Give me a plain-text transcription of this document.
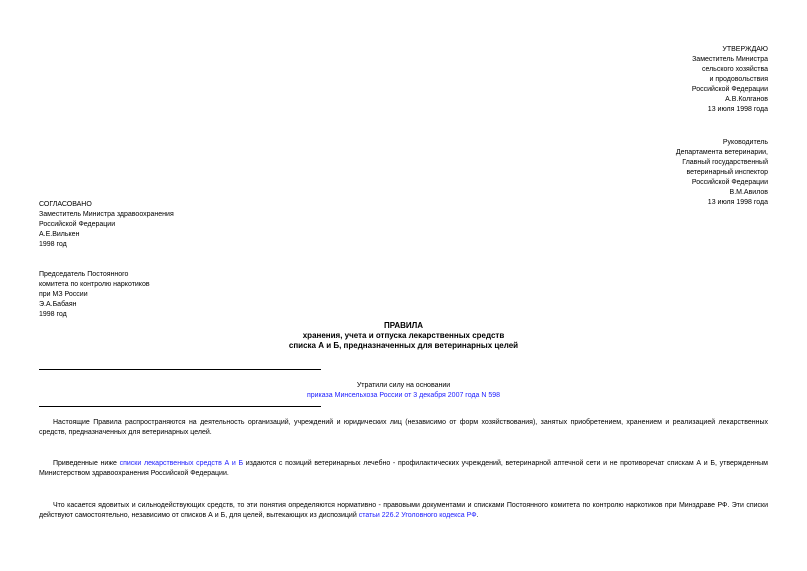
УТВЕРЖДАЮ
Заместитель Министра
сельского хозяйства
и продовольствия
Российской Федерации
А.В.Колганов
13 июля 1998 года
Руководитель
Департамента ветеринарии,
Главный государственный
ветеринарный инспектор
Российской Федерации
В.М.Авилов
13 июля 1998 года
СОГЛАСОВАНО
Заместитель Министра здравоохранения
Российской Федерации
А.Е.Вилькен
1998 год
Председатель Постоянного
комитета по контролю наркотиков
при МЗ России
Э.А.Бабаян
1998 год
ПРАВИЛА
хранения, учета и отпуска лекарственных средств
списка А и Б, предназначенных для ветеринарных целей
Утратили силу на основании
приказа Минсельхоза России от 3 декабря 2007 года N 598
Настоящие Правила распространяются на деятельность организаций, учреждений и юридических лиц (независимо от форм хозяйствования), занятых приобретением, хранением и реализацией лекарственных средств, предназначенных для ветеринарных целей.
Приведенные ниже списки лекарственных средств А и Б издаются с позиций ветеринарных лечебно - профилактических учреждений, ветеринарной аптечной сети и не противоречат спискам А и Б, утвержденным Министерством здравоохранения Российской Федерации.
Что касается ядовитых и сильнодействующих средств, то эти понятия определяются нормативно - правовыми документами и списками Постоянного комитета по контролю наркотиков при Минздраве РФ. Эти списки действуют самостоятельно, независимо от списков А и Б, для целей, вытекающих из диспозиций статьи 226.2 Уголовного кодекса РФ.
